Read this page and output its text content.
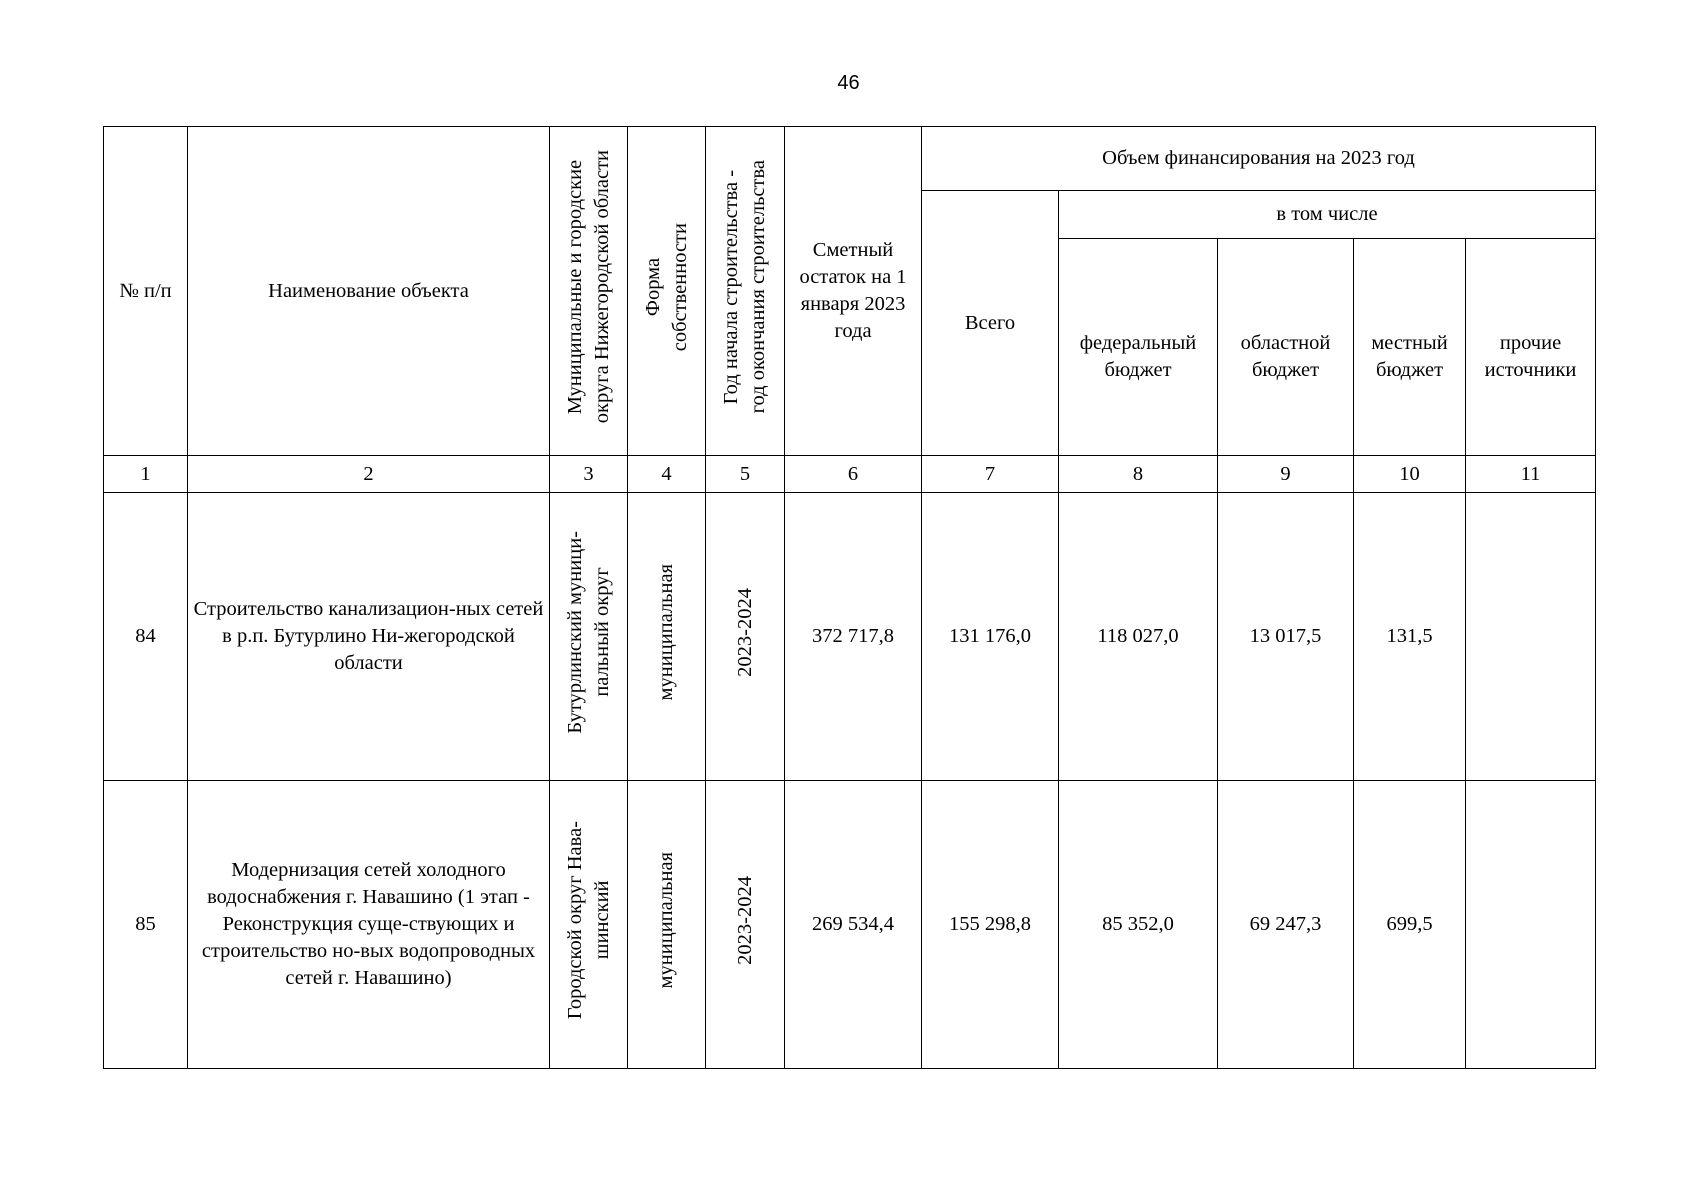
46
№ п/п	Наименование объекта	Муниципальные и городские округа Нижегородской области	Форма собственности	Год начала строительства - год окончания строительства	Сметный остаток на 1 января 2023 года	Объем финансирования на 2023 год				
						Всего	в том числе			
							федеральный бюджет	областной бюджет	местный бюджет	прочие источники
1	2	3	4	5	6	7	8	9	10	11
84	Строительство канализацион-ных сетей в р.п. Бутурлино Ни-жегородской области	Бутурлинский муници- пальный округ	муниципальная	2023-2024	372 717,8	131 176,0	118 027,0	13 017,5	131,5	
85	Модернизация сетей холодного водоснабжения г. Навашино (1 этап - Реконструкция суще-ствующих и строительство но-вых водопроводных сетей г. Навашино)	Городской округ Нава- шинский	муниципальная	2023-2024	269 534,4	155 298,8	85 352,0	69 247,3	699,5	
